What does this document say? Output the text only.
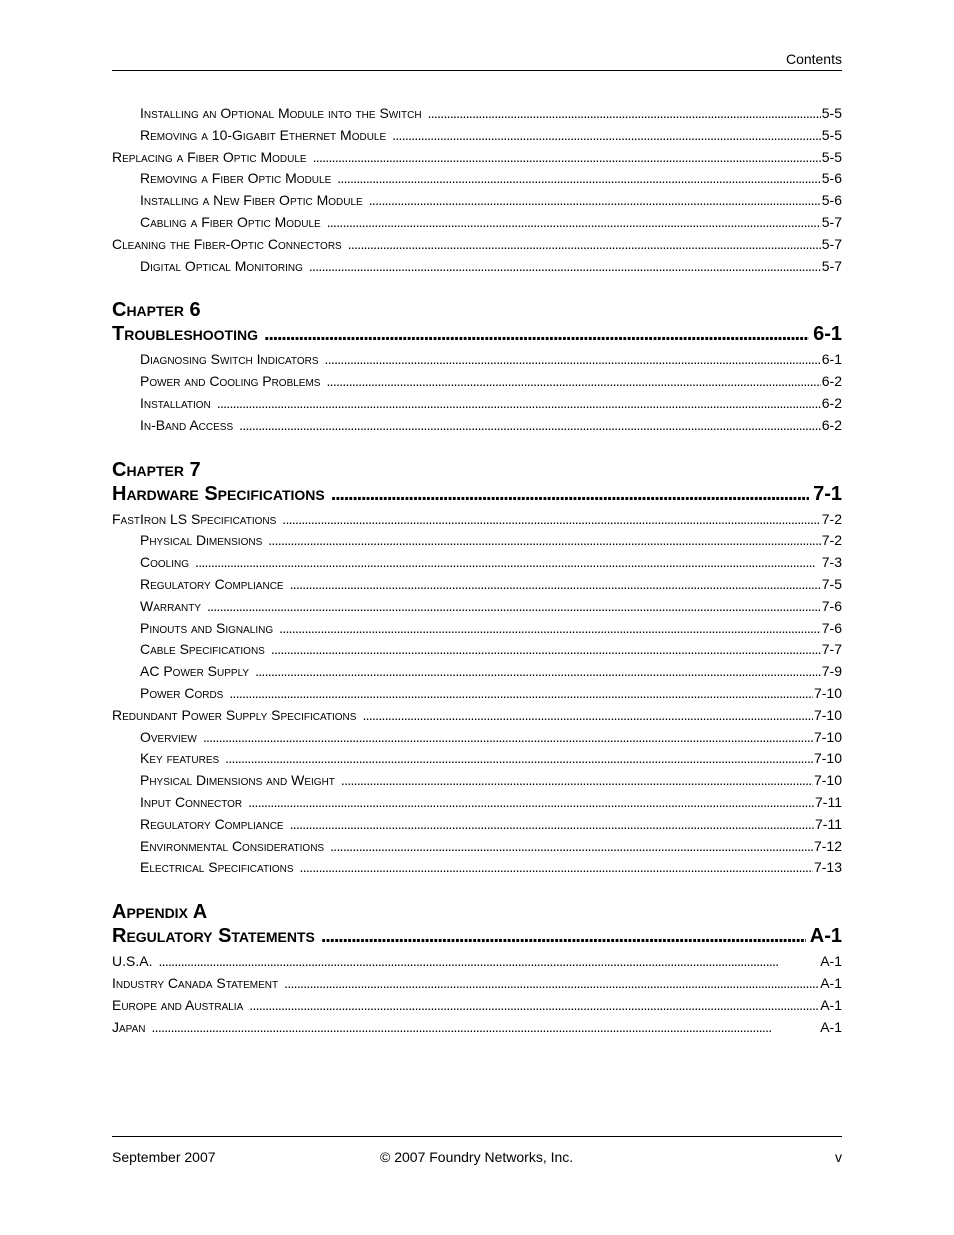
Contents
Installing an Optional Module into the Switch . . .	5-5
Removing a 10-Gigabit Ethernet Module . . .	5-5
Replacing a Fiber Optic Module . . .	5-5
Removing a Fiber Optic Module . . .	5-6
Installing a New Fiber Optic Module . . .	5-6
Cabling a Fiber Optic Module . . .	5-7
Cleaning the Fiber-Optic Connectors . . .	5-7
Digital Optical Monitoring . . .	5-7
Chapter 6
Troubleshooting . . .	6-1
Diagnosing Switch Indicators . . .	6-1
Power and Cooling Problems . . .	6-2
Installation . . .	6-2
In-Band Access . . .	6-2
Chapter 7
Hardware Specifications . . .	7-1
FastIron LS Specifications . . .	7-2
Physical Dimensions . . .	7-2
Cooling . . .	7-3
Regulatory Compliance . . .	7-5
Warranty . . .	7-6
Pinouts and Signaling . . .	7-6
Cable Specifications . . .	7-7
AC Power Supply . . .	7-9
Power Cords . . .	7-10
Redundant Power Supply Specifications . . .	7-10
Overview . . .	7-10
Key features . . .	7-10
Physical Dimensions and Weight . . .	7-10
Input Connector . . .	7-11
Regulatory Compliance . . .	7-11
Environmental Considerations . . .	7-12
Electrical Specifications . . .	7-13
Appendix A
Regulatory Statements . . .	A-1
U.S.A. . . .	A-1
Industry Canada Statement . . .	A-1
Europe and Australia . . .	A-1
Japan . . .	A-1
September 2007	© 2007 Foundry Networks, Inc.	v
